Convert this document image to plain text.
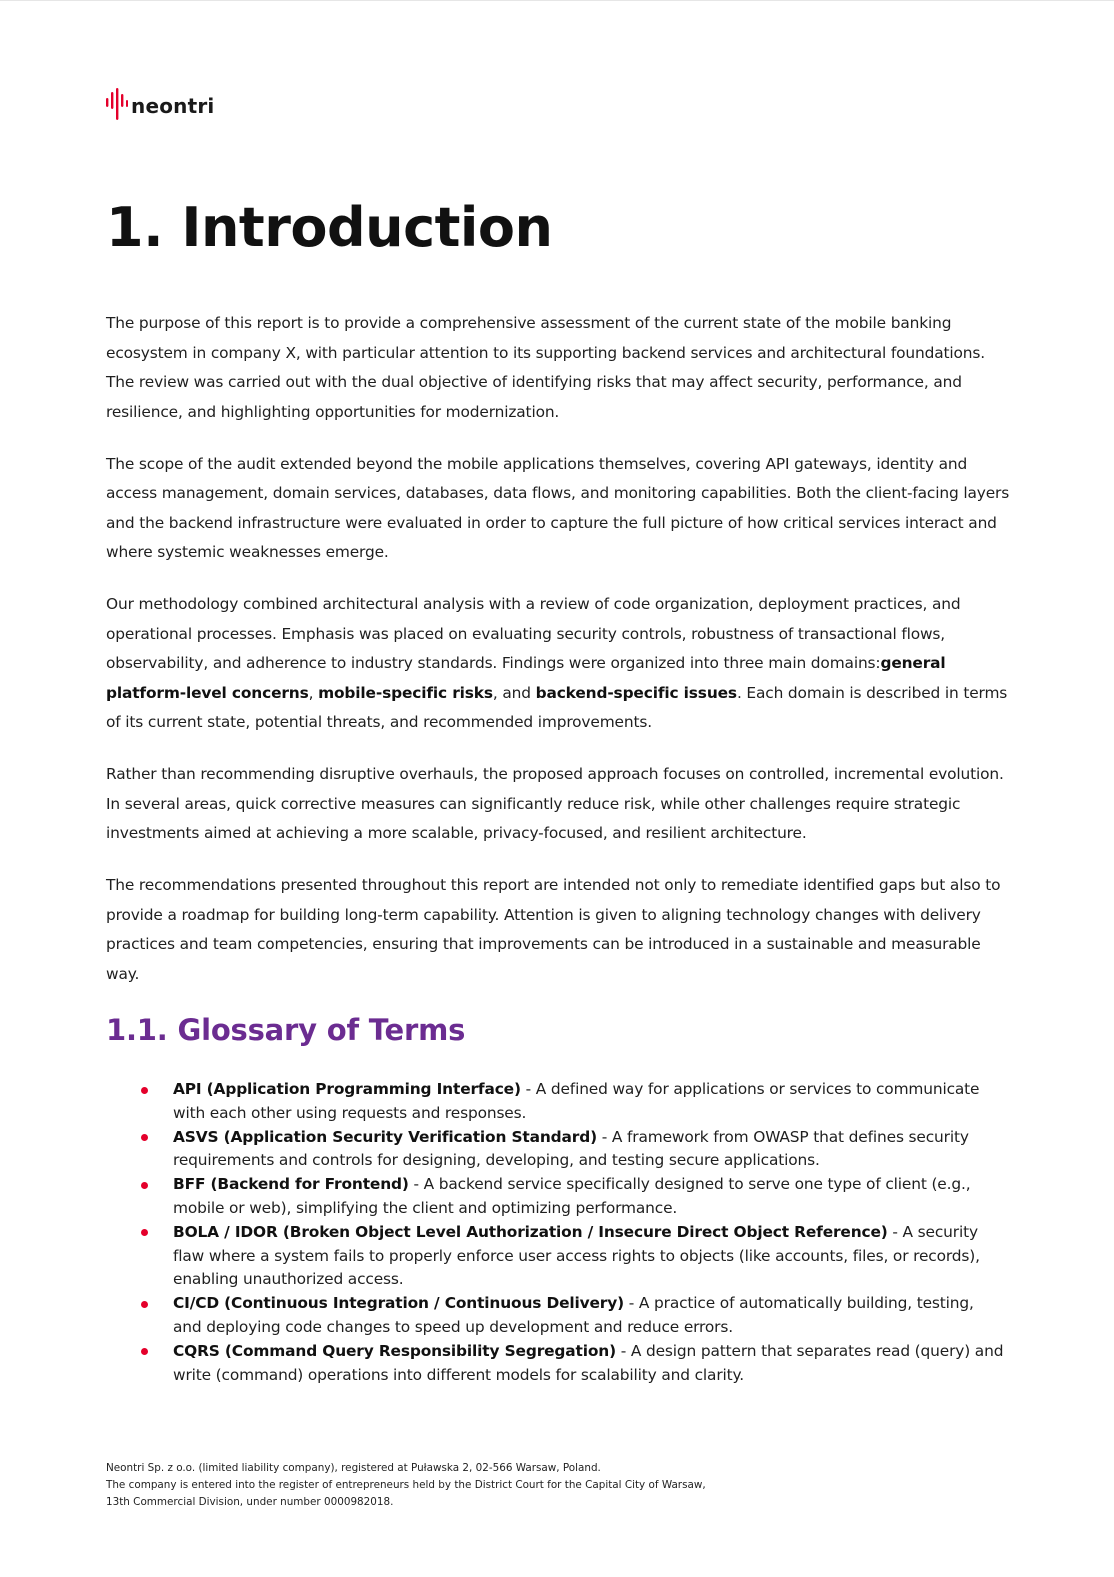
neontri
1. Introduction

The purpose of this report is to provide a comprehensive assessment of the current state of the mobile banking ecosystem in company X, with particular attention to its supporting backend services and architectural foundations. The review was carried out with the dual objective of identifying risks that may affect security, performance, and resilience, and highlighting opportunities for modernization.

The scope of the audit extended beyond the mobile applications themselves, covering API gateways, identity and access management, domain services, databases, data flows, and monitoring capabilities. Both the client-facing layers and the backend infrastructure were evaluated in order to capture the full picture of how critical services interact and where systemic weaknesses emerge.

Our methodology combined architectural analysis with a review of code organization, deployment practices, and operational processes. Emphasis was placed on evaluating security controls, robustness of transactional flows, observability, and adherence to industry standards. Findings were organized into three main domains:general platform-level concerns, mobile-specific risks, and backend-specific issues. Each domain is described in terms of its current state, potential threats, and recommended improvements.

Rather than recommending disruptive overhauls, the proposed approach focuses on controlled, incremental evolution. In several areas, quick corrective measures can significantly reduce risk, while other challenges require strategic investments aimed at achieving a more scalable, privacy-focused, and resilient architecture.

The recommendations presented throughout this report are intended not only to remediate identified gaps but also to provide a roadmap for building long-term capability. Attention is given to aligning technology changes with delivery practices and team competencies, ensuring that improvements can be introduced in a sustainable and measurable way.

1.1. Glossary of Terms
API (Application Programming Interface) - A defined way for applications or services to communicate with each other using requests and responses.
ASVS (Application Security Verification Standard) - A framework from OWASP that defines security requirements and controls for designing, developing, and testing secure applications.
BFF (Backend for Frontend) - A backend service specifically designed to serve one type of client (e.g., mobile or web), simplifying the client and optimizing performance.
BOLA / IDOR (Broken Object Level Authorization / Insecure Direct Object Reference) - A security flaw where a system fails to properly enforce user access rights to objects (like accounts, files, or records), enabling unauthorized access.
CI/CD (Continuous Integration / Continuous Delivery) - A practice of automatically building, testing, and deploying code changes to speed up development and reduce errors.
CQRS (Command Query Responsibility Segregation) - A design pattern that separates read (query) and write (command) operations into different models for scalability and clarity.
Neontri Sp. z o.o. (limited liability company), registered at Puławska 2, 02-566 Warsaw, Poland.
The company is entered into the register of entrepreneurs held by the District Court for the Capital City of Warsaw,
13th Commercial Division, under number 0000982018.
